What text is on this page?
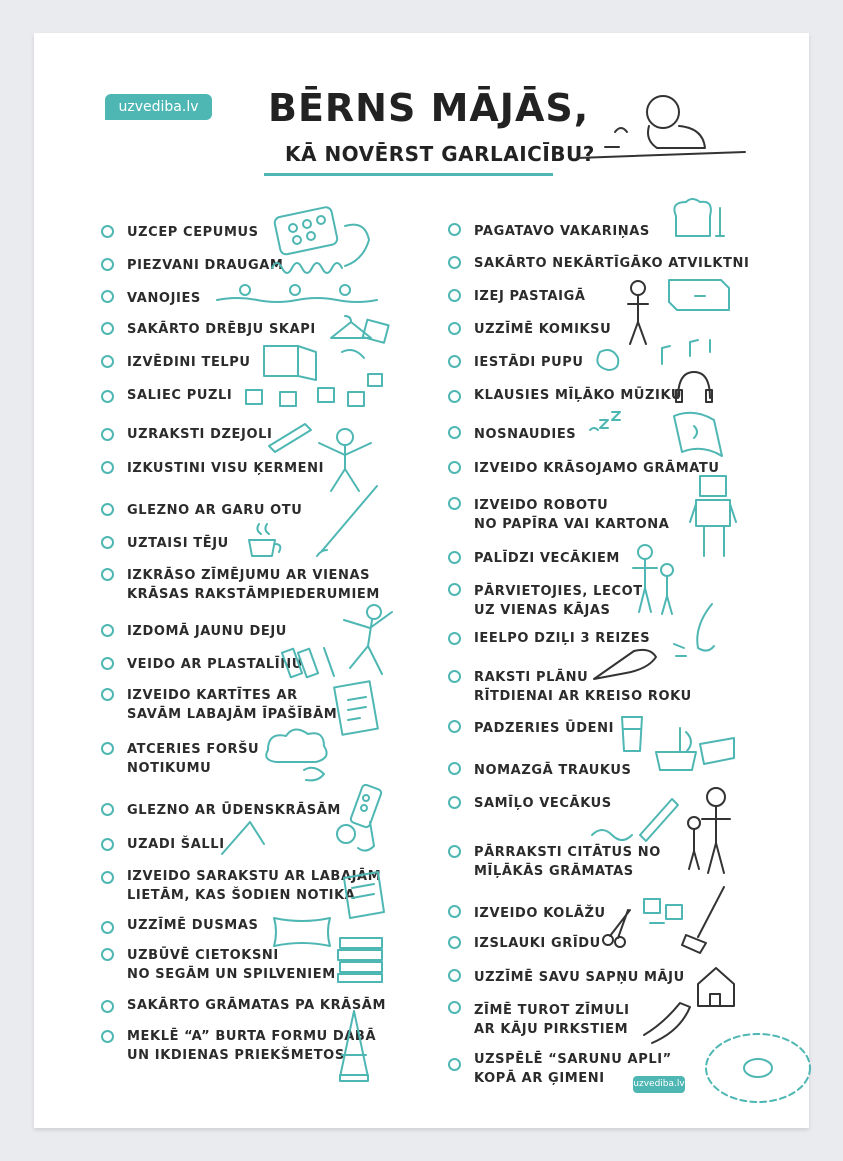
uzvediba.lv	BĒRNS MĀJĀS,
KĀ NOVĒRST GARLAICĪBU?
UZCEP CEPUMUS
PIEZVANI DRAUGAM
VANOJIES
SAKĀRTO DRĒBJU SKAPI
IZVĒDINI TELPU
SALIEC PUZLI
UZRAKSTI DZEJOLI
IZKUSTINI VISU ĶERMENI
GLEZNO AR GARU OTU
UZTAISI TĒJU
IZKRĀSO ZĪMĒJUMU AR VIENAS
KRĀSAS RAKSTĀMPIEDERUMIEM
IZDOMĀ JAUNU DEJU
VEIDO AR PLASTALĪNU
IZVEIDO KARTĪTES AR
SAVĀM LABAJĀM ĪPAŠĪBĀM
ATCERIES FORŠU
NOTIKUMU
GLEZNO AR ŪDENSKRĀSĀM
UZADI ŠALLI
IZVEIDO SARAKSTU AR LABAJĀM
LIETĀM, KAS ŠODIEN NOTIKA
UZZĪMĒ DUSMAS
UZBŪVĒ CIETOKSNI
NO SEGĀM UN SPILVENIEM
SAKĀRTO GRĀMATAS PA KRĀSĀM
MEKLĒ “A” BURTA FORMU DABĀ
UN IKDIENAS PRIEKŠMETOS
PAGATAVO VAKARIŅAS
SAKĀRTO NEKĀRTĪGĀKO ATVILKTNI
IZEJ PASTAIGĀ
UZZĪMĒ KOMIKSU
IESTĀDI PUPU
KLAUSIES MĪĻĀKO MŪZIKU
NOSNAUDIES
IZVEIDO KRĀSOJAMO GRĀMATU
IZVEIDO ROBOTU
NO PAPĪRA VAI KARTONA
PALĪDZI VECĀKIEM
PĀRVIETOJIES, LECOT
UZ VIENAS KĀJAS
IEELPO DZIĻI 3 REIZES
RAKSTI PLĀNU
RĪTDIENAI AR KREISO ROKU
PADZERIES ŪDENI
NOMAZGĀ TRAUKUS
SAMĪĻO VECĀKUS
PĀRRAKSTI CITĀTUS NO
MĪĻĀKĀS GRĀMATAS
IZVEIDO KOLĀŽU
IZSLAUKI GRĪDU
UZZĪMĒ SAVU SAPŅU MĀJU
ZĪMĒ TUROT ZĪMULI
AR KĀJU PIRKSTIEM
UZSPĒLĒ “SARUNU APLI”
KOPĀ AR ĢIMENI	uzvediba.lv
